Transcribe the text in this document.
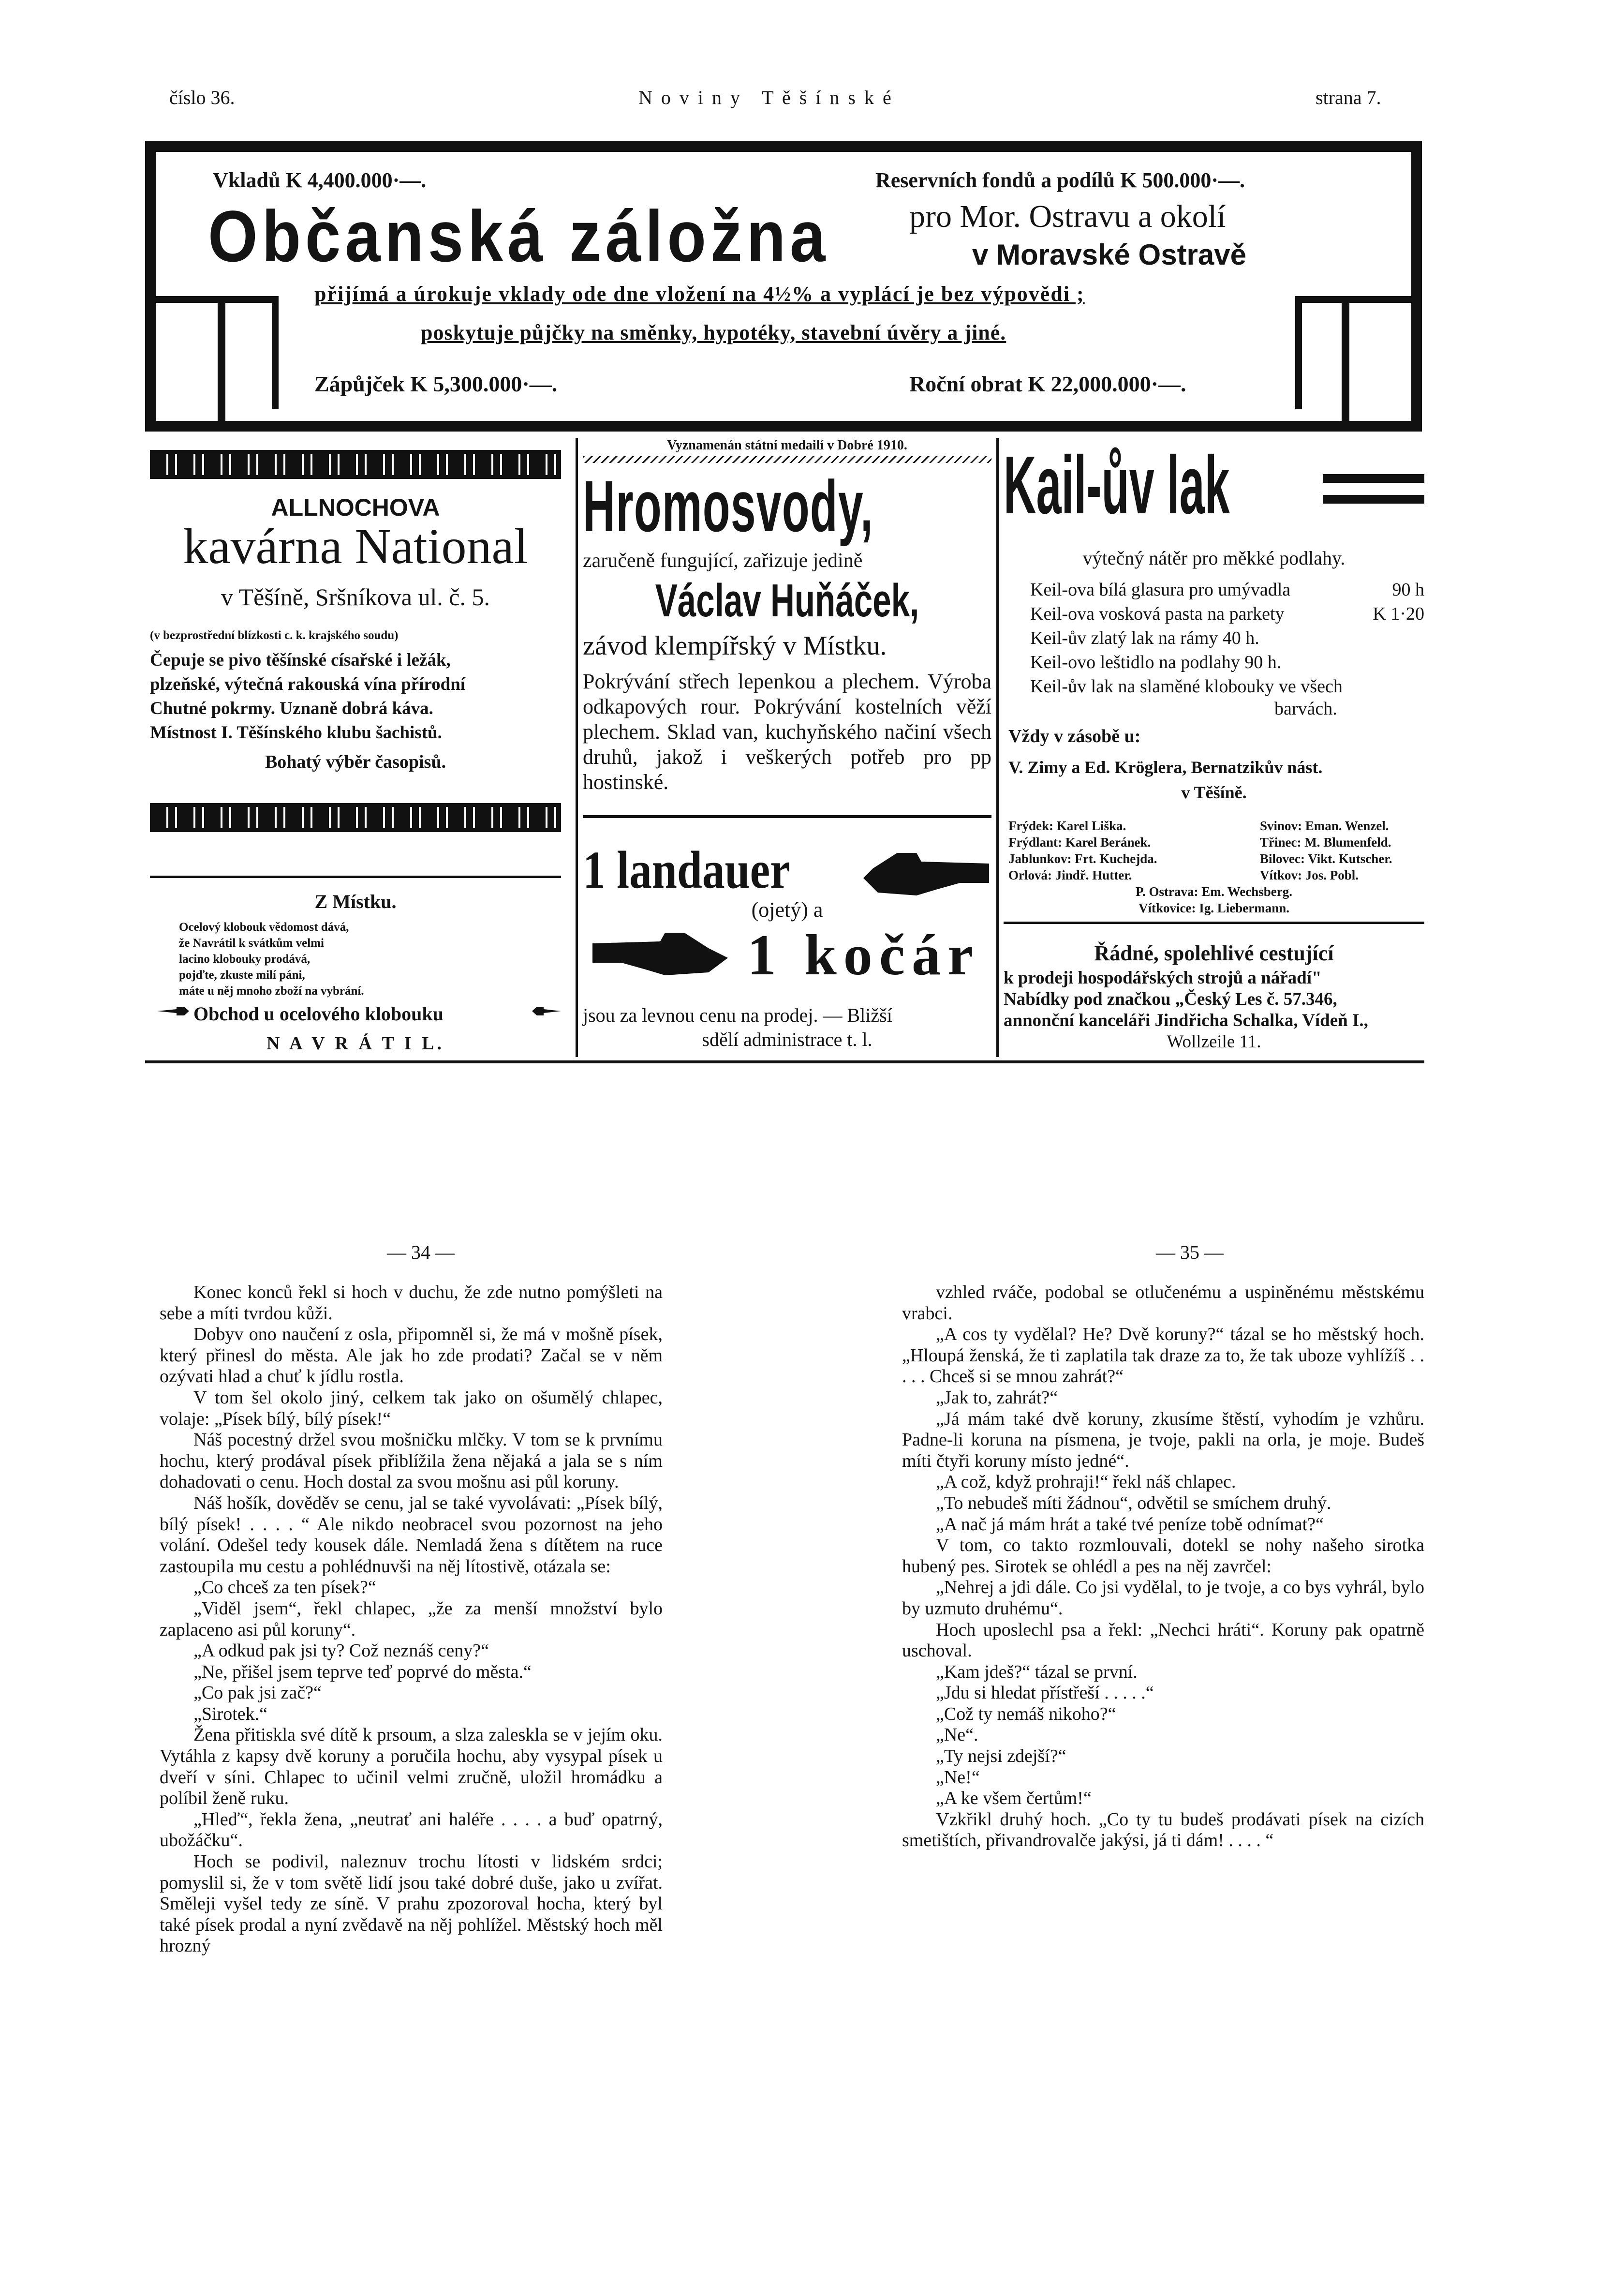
číslo 36.	N o v i n y   T ě š í n s k é	strana 7.
Vkladů K 4,400.000·—.	Reservních fondů a podílů K 500.000·—.
Občanská záložna pro Mor. Ostravu a okolí
v Moravské Ostravě
přijímá a úrokuje vklady ode dne vložení na 4½% a vyplácí je bez výpovědi ;
poskytuje půjčky na směnky, hypotéky, stavební úvěry a jiné.
Zápůjček K 5,300.000·—.	Roční obrat K 22,000.000·—.
ALLNOCHOVA
kavárna National
v Těšíně, Sršníkova ul. č. 5.
(v bezprostřední blízkosti c. k. krajského soudu)
Čepuje se pivo těšínské císařské i ležák,
plzeňské, výtečná rakouská vína přírodní
Chutné pokrmy. Uznaně dobrá káva.
Místnost I. Těšínského klubu šachistů.
Bohatý výběr časopisů.
Z Místku.
Ocelový klobouk vědomost dává,
že Navrátil k svátkům velmi
lacino klobouky prodává,
pojďte, zkuste milí páni,
máte u něj mnoho zboží na vybrání.
Obchod u ocelového klobouku
N A V R Á T I L.
Vyznamenán státní medailí v Dobré 1910.
Hromosvody,
zaručeně fungující, zařizuje jedině
Václav Huňáček,
závod klempířský v Místku.
Pokrývání střech lepenkou a plechem. Výroba odkapových rour. Pokrývání kostelních věží plechem. Sklad van, kuchyňského načiní všech druhů, jakož i veškerých potřeb pro pp hostinské.
1 landauer
(ojetý) a
1 kočár
jsou za levnou cenu na prodej. — Bližší
sdělí administrace t. l.
Kail-ův lak
výtečný nátěr pro měkké podlahy.
Keil-ova bílá glasura pro umývadla	90 h
Keil-ova vosková pasta na parkety	K 1·20
Keil-ův zlatý lak na rámy 40 h.
Keil-ovo leštidlo na podlahy 90 h.
Keil-ův lak na slaměné klobouky ve všech
barvách.
Vždy v zásobě u:
V. Zimy a Ed. Kröglera, Bernatzikův nást.
v Těšíně.
Frýdek: Karel Liška.	Svinov: Eman. Wenzel.
Frýdlant: Karel Beránek.	Třinec: M. Blumenfeld.
Jablunkov: Frt. Kuchejda.	Bilovec: Vikt. Kutscher.
Orlová: Jindř. Hutter.	Vítkov: Jos. Pobl.
P. Ostrava: Em. Wechsberg.
Vítkovice: Ig. Liebermann.
Řádné, spolehlivé cestující
k prodeji hospodářských strojů a nářadí"
Nabídky pod značkou „Český Les č. 57.346,
annonční kanceláři Jindřicha Schalka, Vídeň I.,
Wollzeile 11.
— 34 —	— 35 —

Konec konců řekl si hoch v duchu, že zde nutno pomýšleti na sebe a míti tvrdou kůži.

Dobyv ono naučení z osla, připomněl si, že má v mošně písek, který přinesl do města. Ale jak ho zde prodati? Začal se v něm ozývati hlad a chuť k jídlu rostla.

V tom šel okolo jiný, celkem tak jako on ošumělý chlapec, volaje: „Písek bílý, bílý písek!“

Náš pocestný držel svou mošničku mlčky. V tom se k prvnímu hochu, který prodával písek přiblížila žena nějaká a jala se s ním dohadovati o cenu. Hoch dostal za svou mošnu asi půl koruny.

Náš hošík, dověděv se cenu, jal se také vyvolávati: „Písek bílý, bílý písek! . . . . “ Ale nikdo neobracel svou pozornost na jeho volání. Odešel tedy kousek dále. Nemladá žena s dítětem na ruce zastoupila mu cestu a pohlédnuvši na něj lítostivě, otázala se:

„Co chceš za ten písek?“

„Viděl jsem“, řekl chlapec, „že za menší množství bylo zaplaceno asi půl koruny“.

„A odkud pak jsi ty? Což neznáš ceny?“

„Ne, přišel jsem teprve teď poprvé do města.“

„Co pak jsi zač?“

„Sirotek.“

Žena přitiskla své dítě k prsoum, a slza zaleskla se v jejím oku. Vytáhla z kapsy dvě koruny a poručila hochu, aby vysypal písek u dveří v síni. Chlapec to učinil velmi zručně, uložil hromádku a políbil ženě ruku.

„Hleď“, řekla žena, „neutrať ani haléře . . . . a buď opatrný, ubožáčku“.

Hoch se podivil, naleznuv trochu lítosti v lidském srdci; pomyslil si, že v tom světě lidí jsou také dobré duše, jako u zvířat. Směleji vyšel tedy ze síně. V prahu zpozoroval hocha, který byl také písek prodal a nyní zvědavě na něj pohlížel. Městský hoch měl hrozný

vzhled rváče, podobal se otlučenému a uspiněnému městskému vrabci.

„A cos ty vydělal? He? Dvě koruny?“ tázal se ho městský hoch. „Hloupá ženská, že ti zaplatila tak draze za to, že tak uboze vyhlížíš . . . . . Chceš si se mnou zahrát?“

„Jak to, zahrát?“

„Já mám také dvě koruny, zkusíme štěstí, vyhodím je vzhůru. Padne-li koruna na písmena, je tvoje, pakli na orla, je moje. Budeš míti čtyři koruny místo jedné“.

„A což, když prohraji!“ řekl náš chlapec.

„To nebudeš míti žádnou“, odvětil se smíchem druhý.

„A nač já mám hrát a také tvé peníze tobě odnímat?“

V tom, co takto rozmlouvali, dotekl se nohy našeho sirotka hubený pes. Sirotek se ohlédl a pes na něj zavrčel:

„Nehrej a jdi dále. Co jsi vydělal, to je tvoje, a co bys vyhrál, bylo by uzmuto druhému“.

Hoch uposlechl psa a řekl: „Nechci hráti“. Koruny pak opatrně uschoval.

„Kam jdeš?“ tázal se první.

„Jdu si hledat přístřeší . . . . .“

„Což ty nemáš nikoho?“

„Ne“.

„Ty nejsi zdejší?“

„Ne!“

„A ke všem čertům!“

Vzkřikl druhý hoch. „Co ty tu budeš prodávati písek na cizích smetištích, přivandrovalče jakýsi, já ti dám! . . . . “
